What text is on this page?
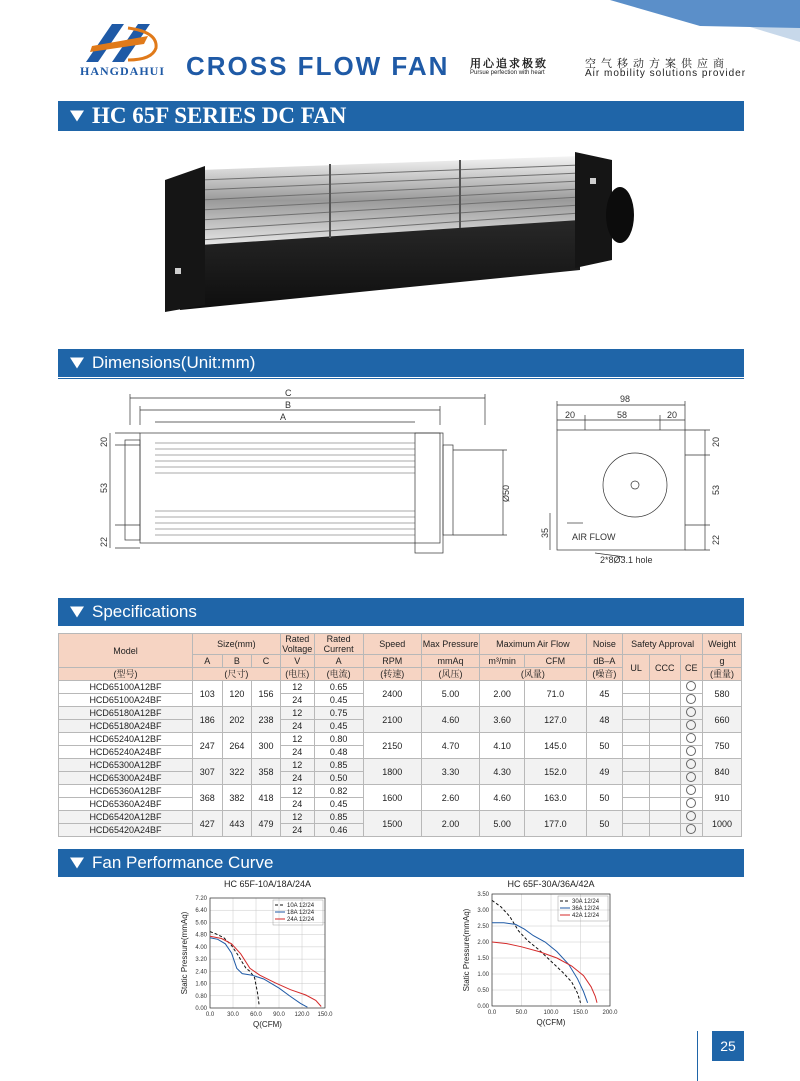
HANGDAHUI CROSS FLOW FAN 用心追求极致
Pursue perfection with heart
空气移动方案供应商
Air mobility solutions provider
HC 65F SERIES DC FAN
Dimensions(Unit:mm)
C
B
A
20
53
22
Ø50
98
20	58	20
20
53
22
35 AIR FLOW
2*8Ø3.1 hole
Specifications
Model	Size(mm)			Rated Voltage	Rated Current	Speed	Max Pressure	Maximum Air Flow		Noise	Safety Approval			Weight
	A	B	C	V	A	RPM	mmAq	m³/min	CFM	dB–A	UL	CCC	CE	g
(型号)	(尺寸)			(电压)	(电流)	(转速)	(风压)	(风量)		(噪音)				(重量)
HCD65100A12BF	103	120	156	12	0.65	2400	5.00	2.00	71.0	45				580
HCD65100A24BF				24	0.45									
HCD65180A12BF	186	202	238	12	0.75	2100	4.60	3.60	127.0	48				660
HCD65180A24BF				24	0.45									
HCD65240A12BF	247	264	300	12	0.80	2150	4.70	4.10	145.0	50				750
HCD65240A24BF				24	0.48									
HCD65300A12BF	307	322	358	12	0.85	1800	3.30	4.30	152.0	49				840
HCD65300A24BF				24	0.50									
HCD65360A12BF	368	382	418	12	0.82	1600	2.60	4.60	163.0	50				910
HCD65360A24BF				24	0.45									
HCD65420A12BF	427	443	479	12	0.85	1500	2.00	5.00	177.0	50				1000
HCD65420A24BF				24	0.46									
Fan Performance Curve
HC 65F-10A/18A/24A
0.00
0.80
1.60
2.40
3.20
4.00
4.80
5.60
6.40
7.20
0.0 30.0 60.0 90.0 120.0 150.0
Q(CFM)
Static Pressure(mmAq)
10A 12/24
18A 12/24
24A 12/24
HC 65F-30A/36A/42A
0.00
0.50
1.00
1.50
2.00
2.50
3.00
3.50
0.0	50.0	100.0 150.0 200.0
Q(CFM)
Static Pressure(mmAq)
30A 12/24
36A 12/24
42A 12/24
25
